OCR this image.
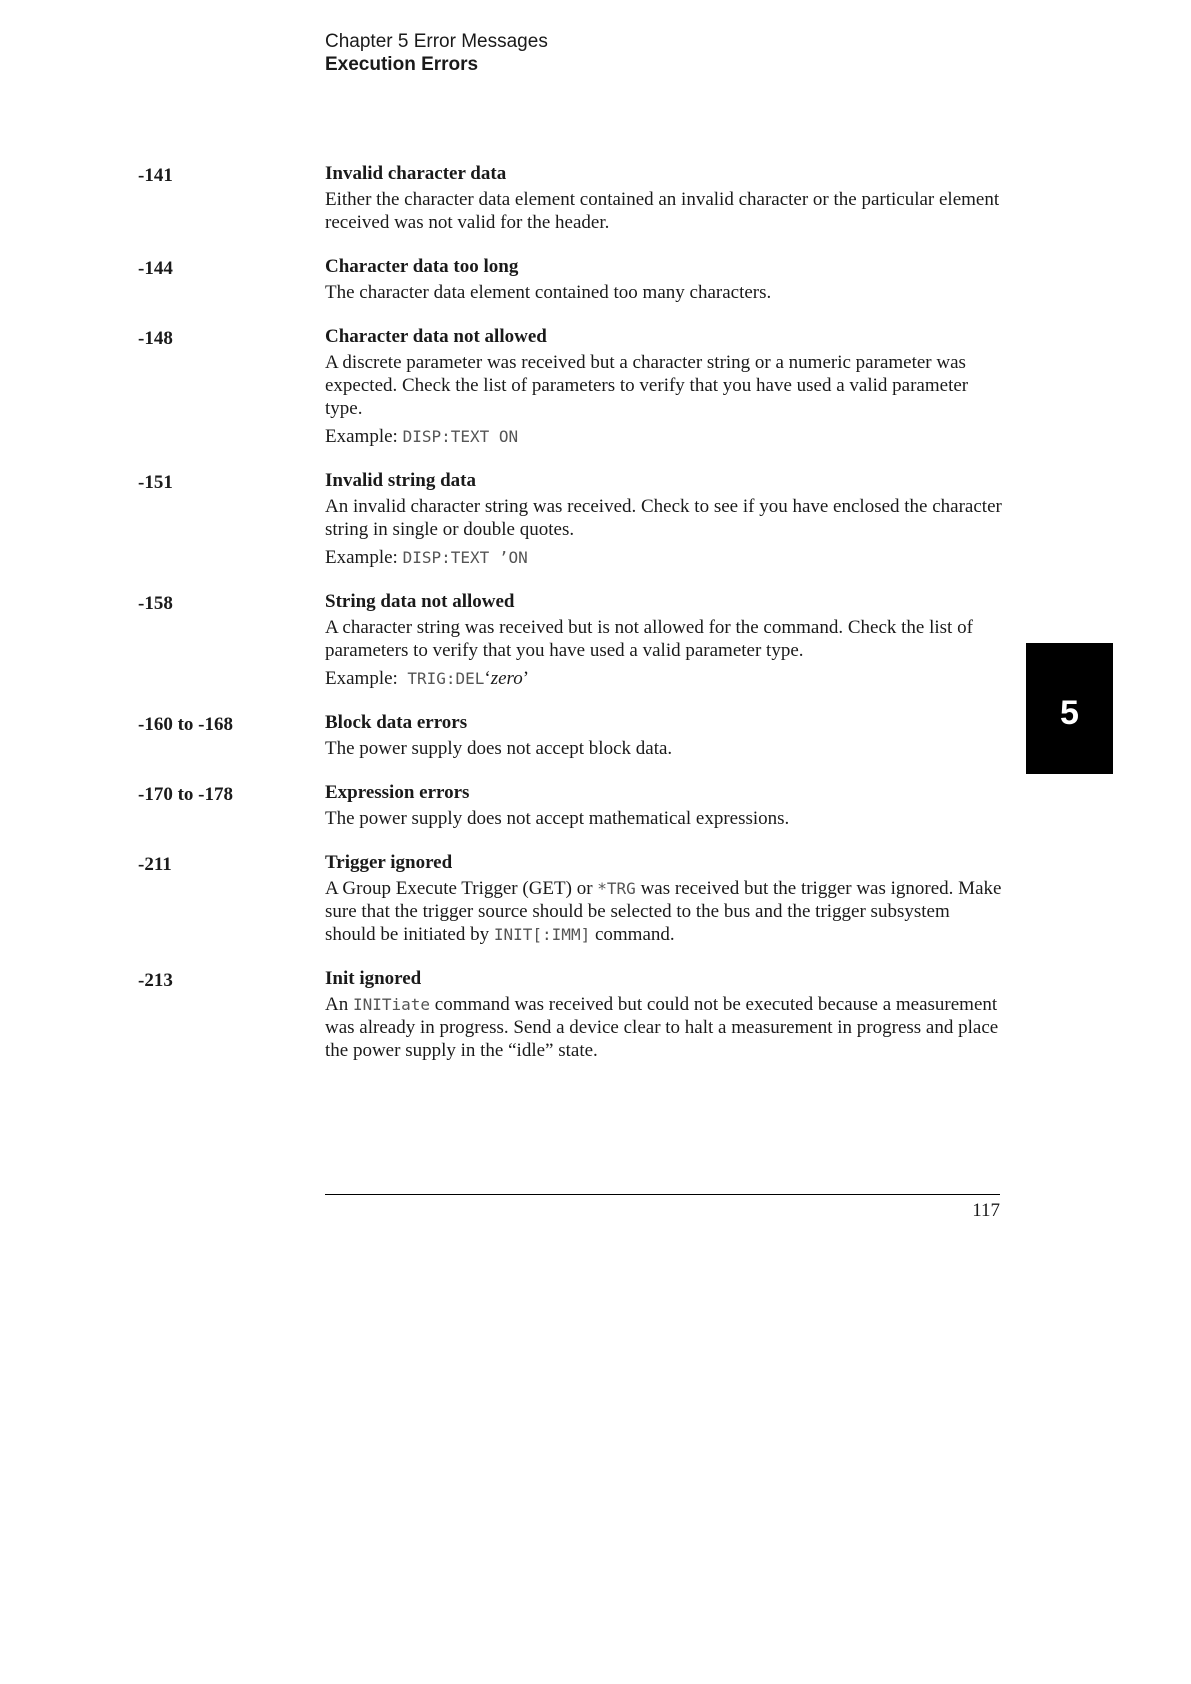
Chapter 5 Error Messages
Execution Errors
-141	Invalid character data
Either the character data element contained an invalid character or the particular element received was not valid for the header.
-144	Character data too long
The character data element contained too many characters.
-148	Character data not allowed
A discrete parameter was received but a character string or a numeric parameter was expected. Check the list of parameters to verify that you have used a valid parameter type.
Example: DISP:TEXT ON
-151	Invalid string data
An invalid character string was received. Check to see if you have enclosed the character string in single or double quotes.
Example: DISP:TEXT ’ON
-158	String data not allowed
A character string was received but is not allowed for the command. Check the list of parameters to verify that you have used a valid parameter type.
Example: TRIG:DEL‘zero’
-160 to -168	Block data errors
The power supply does not accept block data.
-170 to -178	Expression errors
The power supply does not accept mathematical expressions.
-211	Trigger ignored
A Group Execute Trigger (GET) or *TRG was received but the trigger was ignored. Make sure that the trigger source should be selected to the bus and the trigger subsystem should be initiated by INIT[:IMM] command.
-213	Init ignored
An INITiate command was received but could not be executed because a measurement was already in progress. Send a device clear to halt a measurement in progress and place the power supply in the “idle” state.
5
117
